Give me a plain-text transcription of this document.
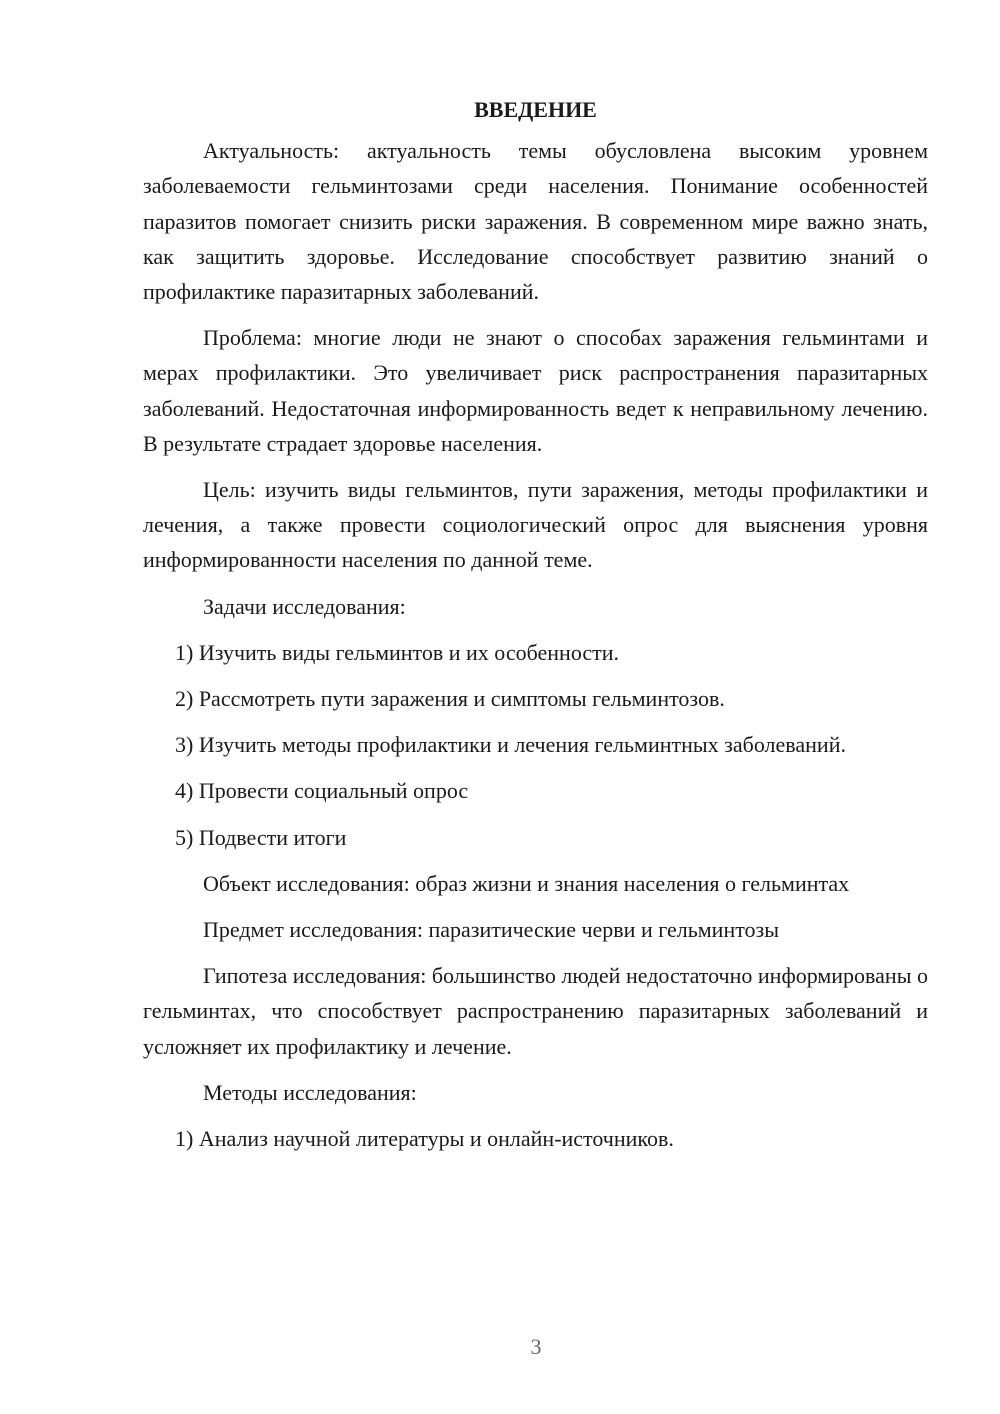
ВВЕДЕНИЕ

Актуальность: актуальность темы обусловлена высоким уровнем заболеваемости гельминтозами среди населения. Понимание особенностей паразитов помогает снизить риски заражения. В современном мире важно знать, как защитить здоровье. Исследование способствует развитию знаний о профилактике паразитарных заболеваний.

Проблема: многие люди не знают о способах заражения гельминтами и мерах профилактики. Это увеличивает риск распространения паразитарных заболеваний. Недостаточная информированность ведет к неправильному лечению. В результате страдает здоровье населения.

Цель: изучить виды гельминтов, пути заражения, методы профилактики и лечения, а также провести социологический опрос для выяснения уровня информированности населения по данной теме.

Задачи исследования:

1) Изучить виды гельминтов и их особенности.

2) Рассмотреть пути заражения и симптомы гельминтозов.

3) Изучить методы профилактики и лечения гельминтных заболеваний.

4) Провести социальный опрос

5) Подвести итоги

Объект исследования: образ жизни и знания населения о гельминтах

Предмет исследования: паразитические черви и гельминтозы

Гипотеза исследования: большинство людей недостаточно информированы о гельминтах, что способствует распространению паразитарных заболеваний и усложняет их профилактику и лечение.

Методы исследования:

1) Анализ научной литературы и онлайн-источников.

3
